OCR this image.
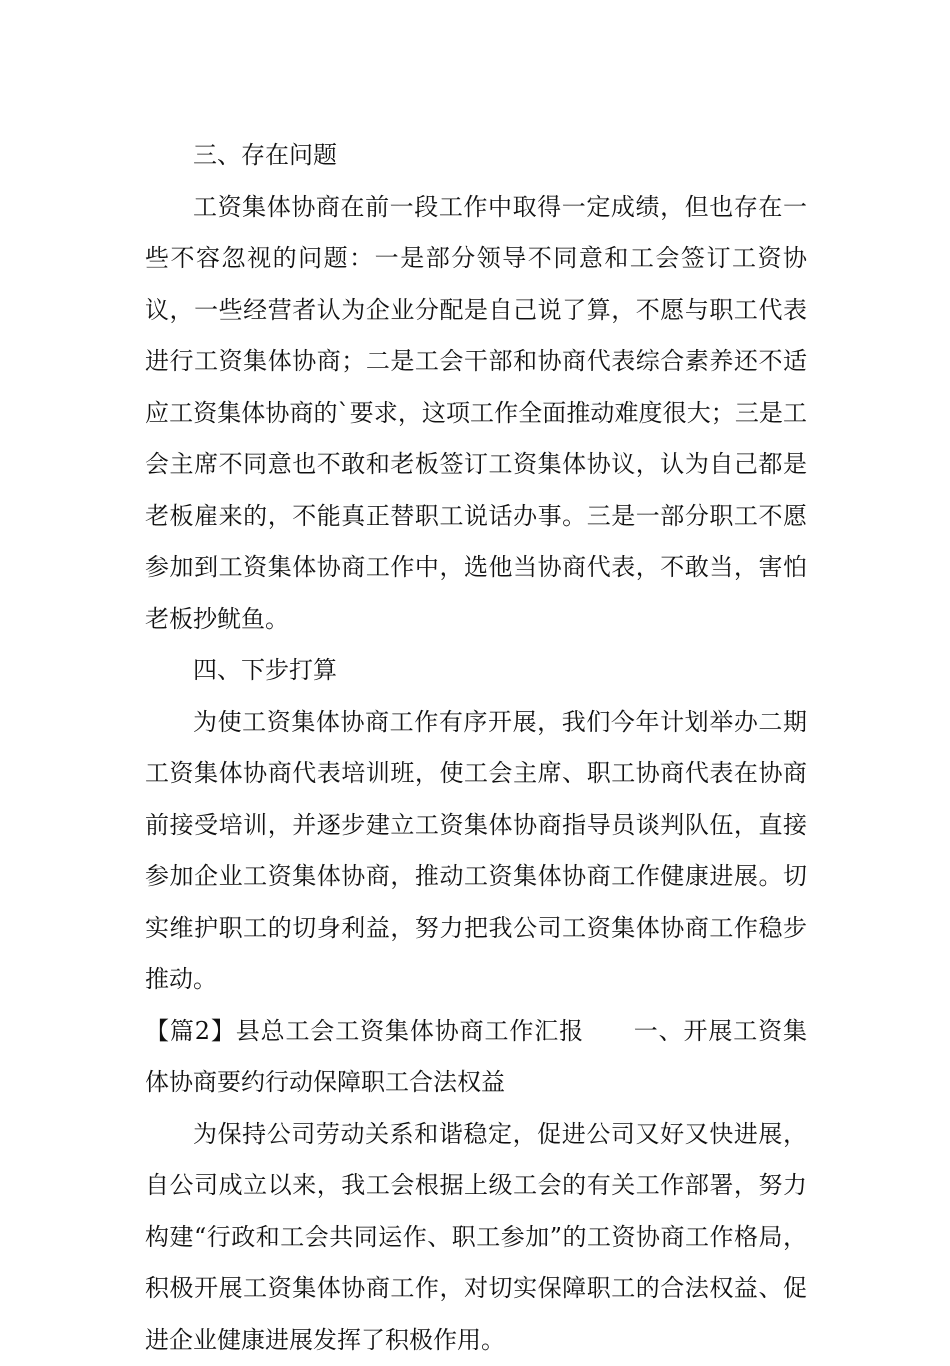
三、存在问题

工资集体协商在前一段工作中取得一定成绩，但也存在一些不容忽视的问题：一是部分领导不同意和工会签订工资协议，一些经营者认为企业分配是自己说了算，不愿与职工代表进行工资集体协商；二是工会干部和协商代表综合素养还不适应工资集体协商的`要求，这项工作全面推动难度很大；三是工会主席不同意也不敢和老板签订工资集体协议，认为自己都是老板雇来的，不能真正替职工说话办事。三是一部分职工不愿参加到工资集体协商工作中，选他当协商代表，不敢当，害怕老板抄鱿鱼。

四、下步打算

为使工资集体协商工作有序开展，我们今年计划举办二期工资集体协商代表培训班，使工会主席、职工协商代表在协商前接受培训，并逐步建立工资集体协商指导员谈判队伍，直接参加企业工资集体协商，推动工资集体协商工作健康进展。切实维护职工的切身利益，努力把我公司工资集体协商工作稳步推动。

【篇2】县总工会工资集体协商工作汇报　　一、开展工资集体协商要约行动保障职工合法权益

为保持公司劳动关系和谐稳定，促进公司又好又快进展，自公司成立以来，我工会根据上级工会的有关工作部署，努力构建“行政和工会共同运作、职工参加”的工资协商工作格局，积极开展工资集体协商工作，对切实保障职工的合法权益、促进企业健康进展发挥了积极作用。
